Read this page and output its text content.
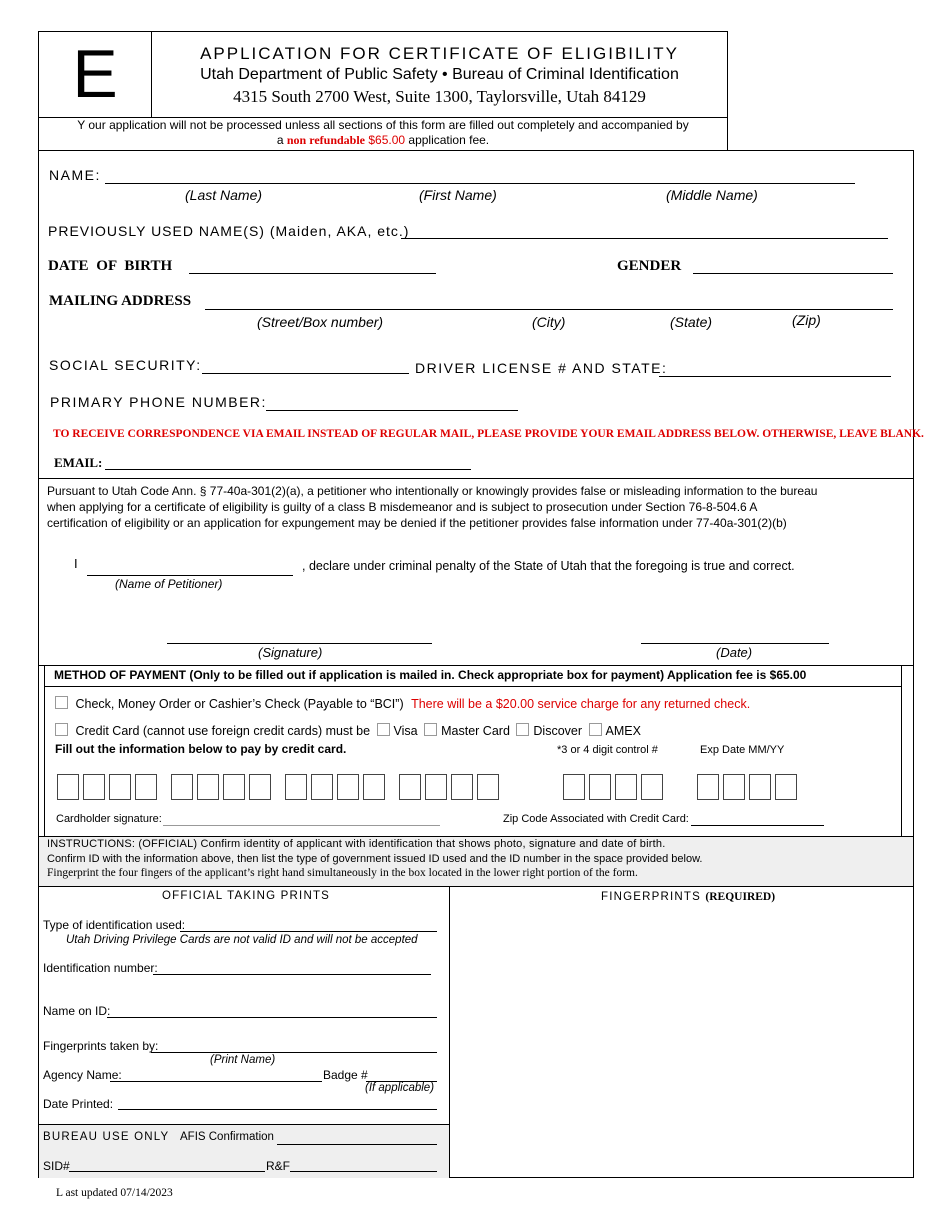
E	APPLICATION FOR CERTIFICATE OF ELIGIBILITY
Utah Department of Public Safety • Bureau of Criminal Identification
4315 South 2700 West, Suite 1300, Taylorsville, Utah 84129
Y our application will not be processed unless all sections of this form are filled out completely and accompanied by
a non refundable $65.00 application fee.
NAME:
(Last Name)	(First Name)	(Middle Name)
PREVIOUSLY USED NAME(S) (Maiden, AKA, etc.)
DATE OF BIRTH	GENDER
MAILING ADDRESS
(Street/Box number)	(City)	(State)	(Zip)
SOCIAL SECURITY:	DRIVER LICENSE # AND STATE:
PRIMARY PHONE NUMBER:
TO RECEIVE CORRESPONDENCE VIA EMAIL INSTEAD OF REGULAR MAIL, PLEASE PROVIDE YOUR EMAIL ADDRESS BELOW. OTHERWISE, LEAVE BLANK.
EMAIL:
Pursuant to Utah Code Ann. § 77-40a-301(2)(a), a petitioner who intentionally or knowingly provides false or misleading information to the bureau
when applying for a certificate of eligibility is guilty of a class B misdemeanor and is subject to prosecution under Section 76-8-504.6 A
certification of eligibility or an application for expungement may be denied if the petitioner provides false information under 77-40a-301(2)(b)
I	, declare under criminal penalty of the State of Utah that the foregoing is true and correct.
(Name of Petitioner)
(Signature)	(Date)
METHOD OF PAYMENT (Only to be filled out if application is mailed in. Check appropriate box for payment) Application fee is $65.00
Check, Money Order or Cashier’s Check (Payable to “BCI”) There will be a $20.00 service charge for any returned check.
Credit Card (cannot use foreign credit cards) must be Visa Master Card Discover AMEX
Fill out the information below to pay by credit card.	*3 or 4 digit control #	Exp Date MM/YY
Cardholder signature:	Zip Code Associated with Credit Card:
INSTRUCTIONS: (OFFICIAL) Confirm identity of applicant with identification that shows photo, signature and date of birth.
Confirm ID with the information above, then list the type of government issued ID used and the ID number in the space provided below.
Fingerprint the four fingers of the applicant’s right hand simultaneously in the box located in the lower right portion of the form.
OFFICIAL TAKING PRINTS
Type of identification used:
Utah Driving Privilege Cards are not valid ID and will not be accepted
Identification number:
Name on ID:
Fingerprints taken by:
(Print Name)
Agency Name:	Badge #
(If applicable)
Date Printed:
BUREAU USE ONLY AFIS Confirmation
SID#	R&F
FINGERPRINTS (REQUIRED)
L ast updated 07/14/2023
